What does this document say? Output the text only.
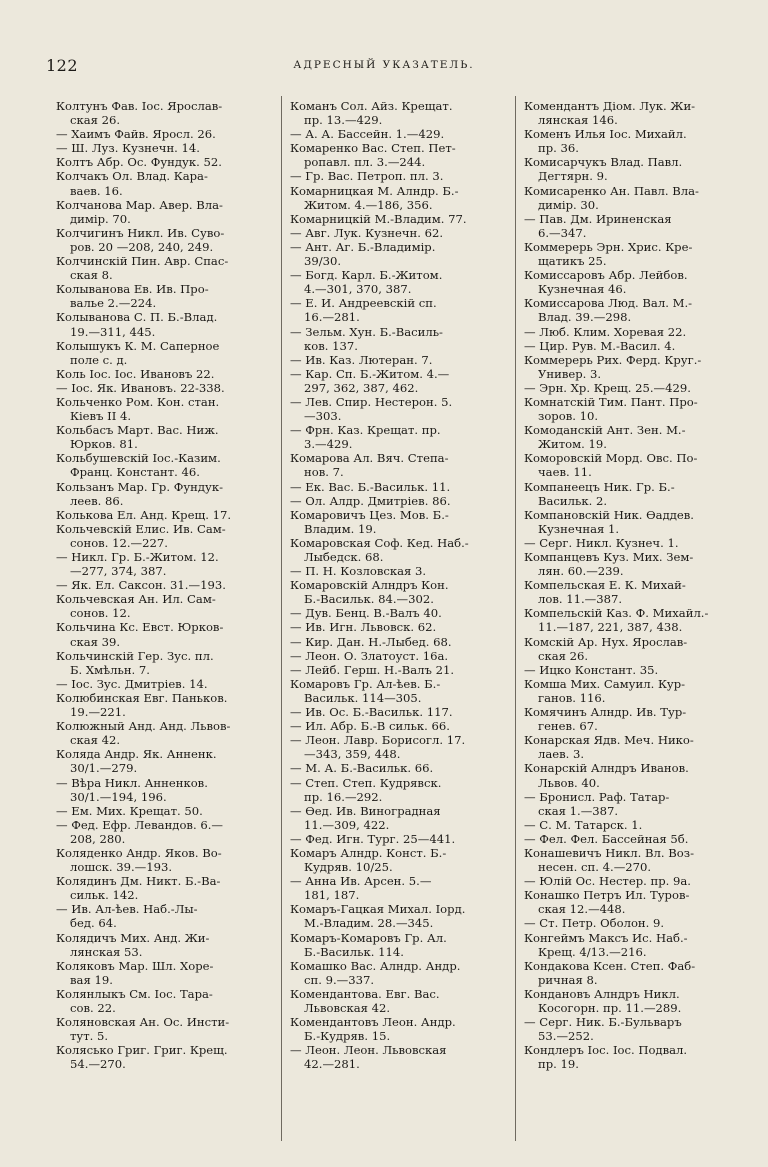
122	АДРЕСНЫЙ УКАЗАТЕЛЬ.
Колтунъ Фав. Іос. Ярослав-
ская 26.
— Хаимъ Файв. Яросл. 26.
— Ш. Луз. Кузнечн. 14.
Колтъ Абр. Ос. Фундук. 52.
Колчакъ Ол. Влад. Кара-
ваев. 16.
Колчанова Мар. Авер. Вла-
димір. 70.
Колчигинъ Никл. Ив. Суво-
ров. 20 —208, 240, 249.
Колчинскій Пин. Авр. Спас-
ская 8.
Колыванова Ев. Ив. Про-
валье 2.—224.
Колыванова С. П. Б.-Влад.
19.—311, 445.
Колышукъ К. М. Саперное
поле с. д.
Коль Іос. Іос. Ивановъ 22.
— Іос. Як. Ивановъ. 22-338.
Кольченко Ром. Кон. стан.
Кіевъ II 4.
Кольбасъ Март. Вас. Ниж.
Юрков. 81.
Кольбушевскій Іос.-Казим.
Франц. Констант. 46.
Кользанъ Мар. Гр. Фундук-
леев. 86.
Колькова Ел. Анд. Крещ. 17.
Кольчевскій Елис. Ив. Сам-
сонов. 12.—227.
— Никл. Гр. Б.-Житом. 12.
—277, 374, 387.
— Як. Ел. Саксон. 31.—193.
Кольчевская Ан. Ил. Сам-
сонов. 12.
Кольчина Кс. Евст. Юрков-
ская 39.
Кольчинскій Гер. Зус. пл.
Б. Хмѣльн. 7.
— Іос. Зус. Дмитріев. 14.
Колюбинская Евг. Паньков.
19.—221.
Колюжный Анд. Анд. Львов-
ская 42.
Коляда Андр. Як. Анненк.
30/1.—279.
— Вѣра Никл. Анненков.
30/1.—194, 196.
— Ем. Мих. Крещат. 50.
— Фед. Ефр. Левандов. 6.—
208, 280.
Коляденко Андр. Яков. Во-
лошск. 39.—193.
Колядинъ Дм. Никт. Б.-Ва-
сильк. 142.
— Ив. Ал-ѣев. Наб.-Лы-
бед. 64.
Колядичъ Мих. Анд. Жи-
лянская 53.
Коляковъ Мар. Шл. Хоре-
вая 19.
Колянлыкъ См. Іос. Тара-
сов. 22.
Коляновская Ан. Ос. Инсти-
тут. 5.
Колясько Григ. Григ. Крещ.
54.—270.
Команъ Сол. Айз. Крещат.
пр. 13.—429.
— А. А. Бассейн. 1.—429.
Комаренко Вас. Степ. Пет-
ропавл. пл. 3.—244.
— Гр. Вас. Петроп. пл. 3.
Комарницкая М. Алндр. Б.-
Житом. 4.—186, 356.
Комарницкій М.-Владим. 77.
— Авг. Лук. Кузнечн. 62.
— Ант. Аг. Б.-Владимір.
39/30.
— Богд. Карл. Б.-Житом.
4.—301, 370, 387.
— Е. И. Андреевскій сп.
16.—281.
— Зельм. Хун. Б.-Василь-
ков. 137.
— Ив. Каз. Лютеран. 7.
— Кар. Сп. Б.-Житом. 4.—
297, 362, 387, 462.
— Лев. Спир. Нестерон. 5.
—303.
— Фрн. Каз. Крещат. пр.
3.—429.
Комарова Ал. Вяч. Степа-
нов. 7.
— Ек. Вас. Б.-Васильк. 11.
— Ол. Алдр. Дмитріев. 86.
Комаровичъ Цез. Мов. Б.-
Владим. 19.
Комаровская Соф. Кед. Наб.-
Лыбедск. 68.
— П. Н. Козловская 3.
Комаровскій Алндръ Кон.
Б.-Васильк. 84.—302.
— Дув. Бенц. В.-Валъ 40.
— Ив. Игн. Львовск. 62.
— Кир. Дан. Н.-Лыбед. 68.
— Леон. О. Златоуст. 16а.
— Лейб. Герш. Н.-Валъ 21.
Комаровъ Гр. Ал-ѣев. Б.-
Васильк. 114—305.
— Ив. Ос. Б.-Васильк. 117.
— Ил. Абр. Б.-В сильк. 66.
— Леон. Лавр. Борисогл. 17.
—343, 359, 448.
— М. А. Б.-Васильк. 66.
— Степ. Степ. Кудрявск.
пр. 16.—292.
— Ѳед. Ив. Виноградная
11.—309, 422.
— Фед. Игн. Тург. 25—441.
Комаръ Алндр. Конст. Б.-
Кудряв. 10/25.
— Анна Ив. Арсен. 5.—
181, 187.
Комаръ-Гацкая Михал. Іорд.
М.-Владим. 28.—345.
Комаръ-Комаровъ Гр. Ал.
Б.-Васильк. 114.
Комашко Вас. Алндр. Андр.
сп. 9.—337.
Комендантова. Евг. Вас.
Львовская 42.
Комендантовъ Леон. Андр.
Б.-Кудряв. 15.
— Леон. Леон. Львовская
42.—281.
Комендантъ Діом. Лук. Жи-
лянская 146.
Коменъ Илья Іос. Михайл.
пр. 36.
Комисарчукъ Влад. Павл.
Дегтярн. 9.
Комисаренко Ан. Павл. Вла-
димір. 30.
— Пав. Дм. Ириненская
6.—347.
Коммерерь Эрн. Хрис. Кре-
щатикъ 25.
Комиссаровъ Абр. Лейбов.
Кузнечная 46.
Комиссарова Люд. Вал. М.-
Влад. 39.—298.
— Люб. Клим. Хоревая 22.
— Цир. Рув. М.-Васил. 4.
Коммерерь Рих. Ферд. Круг.-
Универ. 3.
— Эрн. Хр. Крещ. 25.—429.
Комнатскій Тим. Пант. Про-
зоров. 10.
Комоданскій Ант. Зен. М.-
Житом. 19.
Коморовскій Морд. Овс. По-
чаев. 11.
Компанеецъ Ник. Гр. Б.-
Васильк. 2.
Компановскій Ник. Ѳаддев.
Кузнечная 1.
— Серг. Никл. Кузнеч. 1.
Компанцевъ Куз. Мих. Зем-
лян. 60.—239.
Компельская Е. К. Михай-
лов. 11.—387.
Компельскій Каз. Ф. Михайл.-
11.—187, 221, 387, 438.
Комскій Ар. Нух. Ярослав-
ская 26.
— Ицко Констант. 35.
Комша Мих. Самуил. Кур-
ганов. 116.
Комячинъ Алндр. Ив. Тур-
генев. 67.
Конарская Ядв. Меч. Нико-
лаев. 3.
Конарскій Алндръ Иванов.
Львов. 40.
— Бронисл. Раф. Татар-
ская 1.—387.
— С. М. Татарск. 1.
— Фел. Фел. Бассейная 5б.
Конашевичъ Никл. Вл. Воз-
несен. сп. 4.—270.
— Юлій Ос. Нестер. пр. 9а.
Конашко Петръ Ил. Туров-
ская 12.—448.
— Ст. Петр. Оболон. 9.
Конгеймъ Максъ Ис. Наб.-
Крещ. 4/13.—216.
Кондакова Ксен. Степ. Фаб-
ричная 8.
Кондановъ Алндръ Никл.
Косогорн. пр. 11.—289.
— Серг. Ник. Б.-Бульваръ
53.—252.
Кондлеръ Іос. Іос. Подвал.
пр. 19.
